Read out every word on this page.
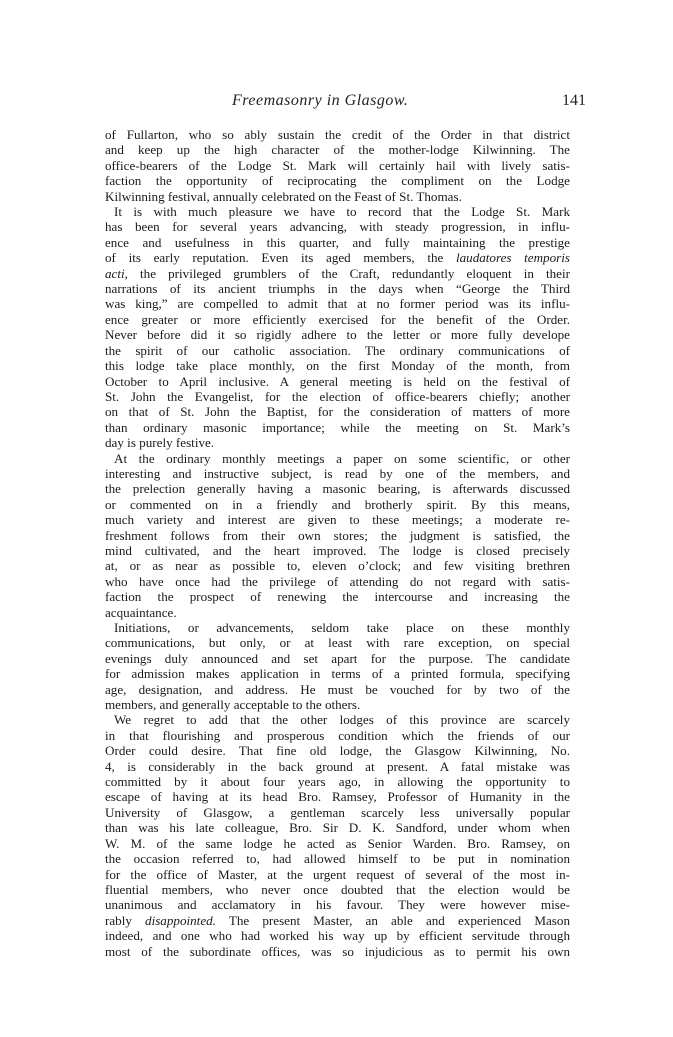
Freemasonry in Glasgow.	141
of Fullarton, who so ably sustain the credit of the Order in that district
and keep up the high character of the mother-lodge Kilwinning. The
office-bearers of the Lodge St. Mark will certainly hail with lively satis-
faction the opportunity of reciprocating the compliment on the Lodge
Kilwinning festival, annually celebrated on the Feast of St. Thomas.
It is with much pleasure we have to record that the Lodge St. Mark
has been for several years advancing, with steady progression, in influ-
ence and usefulness in this quarter, and fully maintaining the prestige
of its early reputation. Even its aged members, the laudatores temporis
acti, the privileged grumblers of the Craft, redundantly eloquent in their
narrations of its ancient triumphs in the days when “George the Third
was king,” are compelled to admit that at no former period was its influ-
ence greater or more efficiently exercised for the benefit of the Order.
Never before did it so rigidly adhere to the letter or more fully develope
the spirit of our catholic association. The ordinary communications of
this lodge take place monthly, on the first Monday of the month, from
October to April inclusive. A general meeting is held on the festival of
St. John the Evangelist, for the election of office-bearers chiefly; another
on that of St. John the Baptist, for the consideration of matters of more
than ordinary masonic importance; while the meeting on St. Mark’s
day is purely festive.
At the ordinary monthly meetings a paper on some scientific, or other
interesting and instructive subject, is read by one of the members, and
the prelection generally having a masonic bearing, is afterwards discussed
or commented on in a friendly and brotherly spirit. By this means,
much variety and interest are given to these meetings; a moderate re-
freshment follows from their own stores; the judgment is satisfied, the
mind cultivated, and the heart improved. The lodge is closed precisely
at, or as near as possible to, eleven o’clock; and few visiting brethren
who have once had the privilege of attending do not regard with satis-
faction the prospect of renewing the intercourse and increasing the
acquaintance.
Initiations, or advancements, seldom take place on these monthly
communications, but only, or at least with rare exception, on special
evenings duly announced and set apart for the purpose. The candidate
for admission makes application in terms of a printed formula, specifying
age, designation, and address. He must be vouched for by two of the
members, and generally acceptable to the others.
We regret to add that the other lodges of this province are scarcely
in that flourishing and prosperous condition which the friends of our
Order could desire. That fine old lodge, the Glasgow Kilwinning, No.
4, is considerably in the back ground at present. A fatal mistake was
committed by it about four years ago, in allowing the opportunity to
escape of having at its head Bro. Ramsey, Professor of Humanity in the
University of Glasgow, a gentleman scarcely less universally popular
than was his late colleague, Bro. Sir D. K. Sandford, under whom when
W. M. of the same lodge he acted as Senior Warden. Bro. Ramsey, on
the occasion referred to, had allowed himself to be put in nomination
for the office of Master, at the urgent request of several of the most in-
fluential members, who never once doubted that the election would be
unanimous and acclamatory in his favour. They were however mise-
rably disappointed. The present Master, an able and experienced Mason
indeed, and one who had worked his way up by efficient servitude through
most of the subordinate offices, was so injudicious as to permit his own
